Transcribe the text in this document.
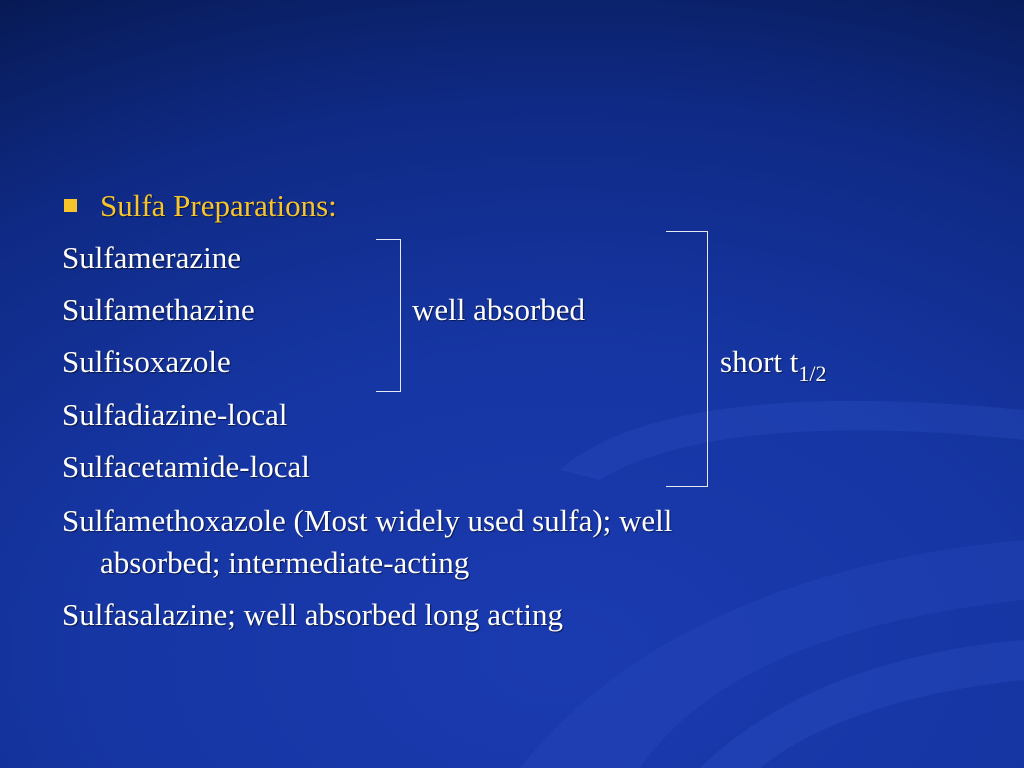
Sulfa Preparations:
Sulfamerazine
Sulfamethazine
Sulfisoxazole
Sulfadiazine-local
Sulfacetamide-local
Sulfamethoxazole (Most widely used sulfa); well
absorbed; intermediate-acting
Sulfasalazine; well absorbed long acting
well absorbed
short $t_{1/2}$
